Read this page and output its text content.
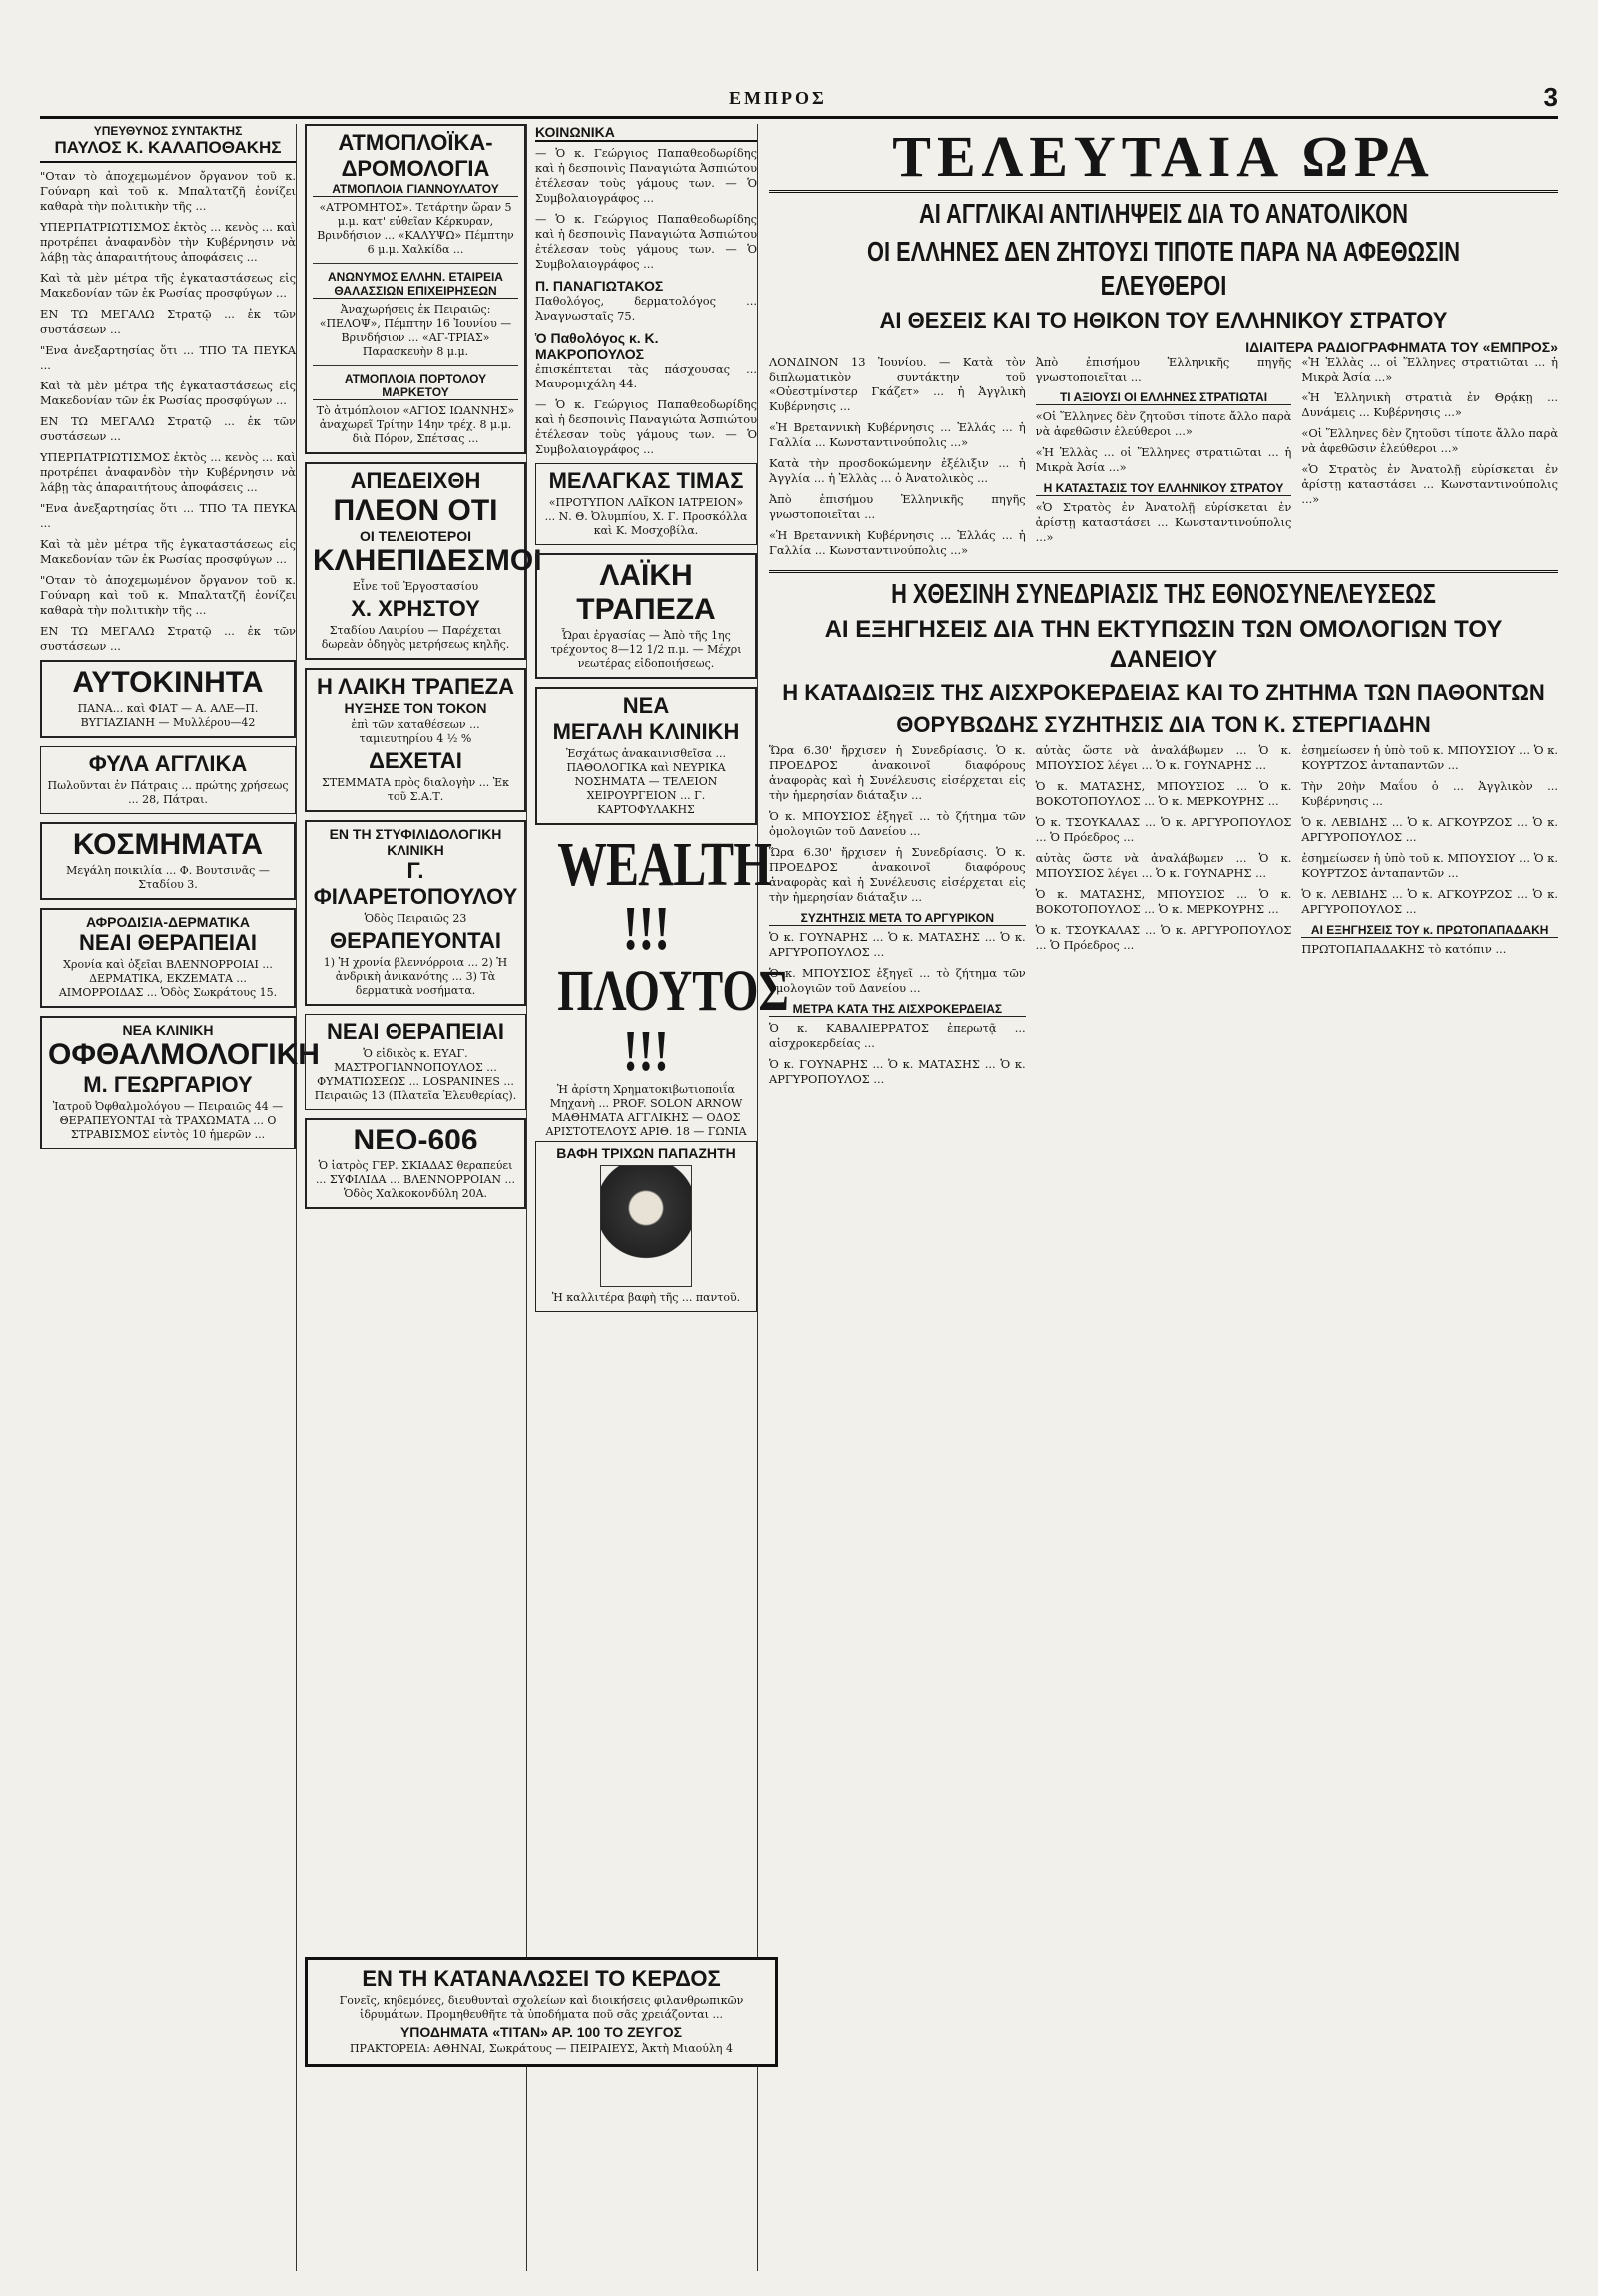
ΕΜΠΡΟΣ	3
ΥΠΕΥΘΥΝΟΣ ΣΥΝΤΑΚΤΗΣ
ΠΑΥΛΟΣ Κ. ΚΑΛΑΠΟΘΑΚΗΣ

"Οταν τὸ ἀποχεμωμένον ὄργανον τοῦ κ. Γούναρη καὶ τοῦ κ. Μπαλτατζῆ ἐονίζει καθαρὰ τὴν πολιτικὴν τῆς ...

ΥΠΕΡΠΑΤΡΙΩΤΙΣΜΟΣ ἐκτὸς ... κενὸς ... καὶ προτρέπει ἀναφανδὸν τὴν Κυβέρνησιν νὰ λάβῃ τὰς ἀπαραιτήτους ἀποφάσεις ...

Καὶ τὰ μὲν μέτρα τῆς ἐγκαταστάσεως εἰς Μακεδονίαν τῶν ἐκ Ρωσίας προσφύγων ...

ΕΝ ΤΩ ΜΕΓΑΛΩ Στρατῷ ... ἐκ τῶν συστάσεων ...

"Ενα ἀνεξαρτησίας ὅτι ... ΤΠΟ ΤΑ ΠΕΥΚΑ ...

Καὶ τὰ μὲν μέτρα τῆς ἐγκαταστάσεως εἰς Μακεδονίαν τῶν ἐκ Ρωσίας προσφύγων ...

ΕΝ ΤΩ ΜΕΓΑΛΩ Στρατῷ ... ἐκ τῶν συστάσεων ...

ΥΠΕΡΠΑΤΡΙΩΤΙΣΜΟΣ ἐκτὸς ... κενὸς ... καὶ προτρέπει ἀναφανδὸν τὴν Κυβέρνησιν νὰ λάβῃ τὰς ἀπαραιτήτους ἀποφάσεις ...

"Ενα ἀνεξαρτησίας ὅτι ... ΤΠΟ ΤΑ ΠΕΥΚΑ ...

Καὶ τὰ μὲν μέτρα τῆς ἐγκαταστάσεως εἰς Μακεδονίαν τῶν ἐκ Ρωσίας προσφύγων ...

"Οταν τὸ ἀποχεμωμένον ὄργανον τοῦ κ. Γούναρη καὶ τοῦ κ. Μπαλτατζῆ ἐονίζει καθαρὰ τὴν πολιτικὴν τῆς ...

ΕΝ ΤΩ ΜΕΓΑΛΩ Στρατῷ ... ἐκ τῶν συστάσεων ...

ΑΥΤΟΚΙΝΗΤΑ
ΠΑΝΑ... καὶ ΦΙΑΤ — Α. ΑΛΕ—Π. ΒΥΓΙΑΖΙΑΝΗ — Μυλλέρου—42
ΦΥΛΑ ΑΓΓΛΙΚΑ
Πωλοῦνται ἐν Πάτραις ... πρώτης χρήσεως ... 28, Πάτραι.
ΚΟΣΜΗΜΑΤΑ
Μεγάλη ποικιλία ... Φ. Βουτσινᾶς — Σταδίου 3.
ΑΦΡΟΔΙΣΙΑ-ΔΕΡΜΑΤΙΚΑ
ΝΕΑΙ ΘΕΡΑΠΕΙΑΙ
Χρονία καὶ ὀξεῖαι ΒΛΕΝΝΟΡΡΟΙΑΙ ... ΔΕΡΜΑΤΙΚΑ, ΕΚΖΕΜΑΤΑ ... ΑΙΜΟΡΡΟΙΔΑΣ ... Ὁδὸς Σωκράτους 15.
ΝΕΑ ΚΛΙΝΙΚΗ
ΟΦΘΑΛΜΟΛΟΓΙΚΗ
Μ. ΓΕΩΡΓΑΡΙΟΥ
Ἰατροῦ Ὀφθαλμολόγου — Πειραιῶς 44 — ΘΕΡΑΠΕΥΟΝΤΑΙ τὰ ΤΡΑΧΩΜΑΤΑ ... Ο ΣΤΡΑΒΙΣΜΟΣ εἰντὸς 10 ἡμερῶν ...
ΑΤΜΟΠΛΟΪΚΑ-ΔΡΟΜΟΛΟΓΙΑ
ΑΤΜΟΠΛΟΙΑ ΓΙΑΝΝΟΥΛΑΤΟΥ
«ΑΤΡΟΜΗΤΟΣ». Τετάρτην ὥραν 5 μ.μ. κατ' εὐθεῖαν Κέρκυραν, Βρινδήσιον ... «ΚΑΛΥΨΩ» Πέμπτην 6 μ.μ. Χαλκίδα ...
ΑΝΩΝΥΜΟΣ ΕΛΛΗΝ. ΕΤΑΙΡΕΙΑ ΘΑΛΑΣΣΙΩΝ ΕΠΙΧΕΙΡΗΣΕΩΝ
Ἀναχωρήσεις ἐκ Πειραιῶς: «ΠΕΛΟΨ», Πέμπτην 16 Ἰουνίου — Βρινδήσιον ... «ΑΓ-ΤΡΙΑΣ» Παρασκευὴν 8 μ.μ.
ΑΤΜΟΠΛΟΙΑ ΠΟΡΤΟΛΟΥ ΜΑΡΚΕΤΟΥ
Τὸ ἀτμόπλοιον «ΑΓΙΟΣ ΙΩΑΝΝΗΣ» ἀναχωρεῖ Τρίτην 14ην τρέχ. 8 μ.μ. διὰ Πόρον, Σπέτσας ...
ΑΠΕΔΕΙΧΘΗ
ΠΛΕΟΝ ΟΤΙ
ΟΙ ΤΕΛΕΙΟΤΕΡΟΙ
ΚΛΗΕΠΙΔΕΣΜΟΙ
Εἶνε τοῦ Ἐργοστασίου
Χ. ΧΡΗΣΤΟΥ
Σταδίου Λαυρίου — Παρέχεται δωρεὰν ὁδηγὸς μετρήσεως κηλῆς.
Η ΛΑΙΚΗ ΤΡΑΠΕΖΑ
ΗΥΞΗΣΕ ΤΟΝ ΤΟΚΟΝ
ἐπὶ τῶν καταθέσεων ... ταμιευτηρίου 4 ½ %
ΔΕΧΕΤΑΙ
ΣΤΕΜΜΑΤΑ πρὸς διαλογὴν ... Ἐκ τοῦ Σ.Α.Τ.
ΕΝ ΤΗ ΣΤΥΦΙΛΙΔΟΛΟΓΙΚΗ ΚΛΙΝΙΚΗ
Γ. ΦΙΛΑΡΕΤΟΠΟΥΛΟΥ
Ὁδὸς Πειραιῶς 23
ΘΕΡΑΠΕΥΟΝΤΑΙ
1) Ἡ χρονία βλεννόρροια ... 2) Ἡ ἀνδρικὴ ἀνικανότης ... 3) Τὰ δερματικὰ νοσήματα.
ΝΕΑΙ ΘΕΡΑΠΕΙΑΙ
Ὁ εἰδικὸς κ. ΕΥΑΓ. ΜΑΣΤΡΟΓΙΑΝΝΟΠΟΥΛΟΣ ... ΦΥΜΑΤΙΩΣΕΩΣ ... LOSPANINES ... Πειραιῶς 13 (Πλατεῖα Ἐλευθερίας).
ΝΕΟ-606
Ὁ ἰατρὸς ΓΕΡ. ΣΚΙΑΔΑΣ θεραπεύει ... ΣΥΦΙΛΙΔΑ ... ΒΛΕΝΝΟΡΡΟΙΑΝ ... Ὁδὸς Χαλκοκονδύλη 20Α.
ΚΟΙΝΩΝΙΚΑ

— Ὁ κ. Γεώργιος Παπαθεοδωρίδης καὶ ἡ δεσποινὶς Παναγιώτα Ἀσπιώτου ἐτέλεσαν τοὺς γάμους των. — Ὁ Συμβολαιογράφος ...

— Ὁ κ. Γεώργιος Παπαθεοδωρίδης καὶ ἡ δεσποινὶς Παναγιώτα Ἀσπιώτου ἐτέλεσαν τοὺς γάμους των. — Ὁ Συμβολαιογράφος ...

Π. ΠΑΝΑΓΙΩΤΑΚΟΣ

Παθολόγος, δερματολόγος ... Ἀναγνωσταῖς 75.

Ὁ Παθολόγος κ. Κ. ΜΑΚΡΟΠΟΥΛΟΣ

ἐπισκέπτεται τὰς πάσχουσας ... Μαυρομιχάλη 44.

— Ὁ κ. Γεώργιος Παπαθεοδωρίδης καὶ ἡ δεσποινὶς Παναγιώτα Ἀσπιώτου ἐτέλεσαν τοὺς γάμους των. — Ὁ Συμβολαιογράφος ...

ΜΕΛΑΓΚΑΣ ΤΙΜΑΣ
«ΠΡΟΤΥΠΟΝ ΛΑΪΚΟΝ ΙΑΤΡΕΙΟΝ» ... Ν. Θ. Ὀλυμπίου, Χ. Γ. Προσκόλλα καὶ Κ. Μοσχοβίλα.
ΛΑΪΚΗ ΤΡΑΠΕΖΑ
Ὧραι ἐργασίας — Ἀπὸ τῆς 1ης τρέχοντος 8—12 1/2 π.μ. — Μέχρι νεωτέρας εἰδοποιήσεως.
ΝΕΑ
ΜΕΓΑΛΗ ΚΛΙΝΙΚΗ
Ἐσχάτως ἀνακαινισθεῖσα ... ΠΑΘΟΛΟΓΙΚΑ καὶ ΝΕΥΡΙΚΑ ΝΟΣΗΜΑΤΑ — ΤΕΛΕΙΟΝ ΧΕΙΡΟΥΡΓΕΙΟΝ ... Γ. ΚΑΡΤΟΦΥΛΑΚΗΣ
WEALTH !!!
ΠΛΟΥΤΟΣ !!!
Ἡ ἀρίστη Χρηματοκιβωτιοποιΐα Μηχανὴ ... PROF. SOLON ARNOW ΜΑΘΗΜΑΤΑ ΑΓΓΛΙΚΗΣ — ΟΔΟΣ ΑΡΙΣΤΟΤΕΛΟΥΣ ΑΡΙΘ. 18 — ΓΩΝΙΑ
ΒΑΦΗ ΤΡΙΧΩΝ ΠΑΠΑΖΗΤΗ
Ἡ καλλιτέρα βαφὴ τῆς ... παντοῦ.
ΕΝ ΤΗ ΚΑΤΑΝΑΛΩΣΕΙ ΤΟ ΚΕΡΔΟΣ
Γονεῖς, κηδεμόνες, διευθυνταὶ σχολείων καὶ διοικήσεις φιλανθρωπικῶν ἱδρυμάτων. Προμηθευθῆτε τὰ ὑποδήματα ποῦ σᾶς χρειάζονται ...
ΥΠΟΔΗΜΑΤΑ «ΤΙΤΑΝ» ΑΡ. 100 ΤΟ ΖΕΥΓΟΣ
ΠΡΑΚΤΟΡΕΙΑ: ΑΘΗΝΑΙ, Σωκράτους — ΠΕΙΡΑΙΕΥΣ, Ἀκτὴ Μιαούλη 4
ΤΕΛΕΥΤΑΙΑ ΩΡΑ
ΑΙ ΑΓΓΛΙΚΑΙ ΑΝΤΙΛΗΨΕΙΣ ΔΙΑ ΤΟ ΑΝΑΤΟΛΙΚΟΝ
ΟΙ ΕΛΛΗΝΕΣ ΔΕΝ ΖΗΤΟΥΣΙ ΤΙΠΟΤΕ ΠΑΡΑ ΝΑ ΑΦΕΘΩΣΙΝ ΕΛΕΥΘΕΡΟΙ
ΑΙ ΘΕΣΕΙΣ ΚΑΙ ΤΟ ΗΘΙΚΟΝ ΤΟΥ ΕΛΛΗΝΙΚΟΥ ΣΤΡΑΤΟΥ
ΙΔΙΑΙΤΕΡΑ ΡΑΔΙΟΓΡΑΦΗΜΑΤΑ ΤΟΥ «ΕΜΠΡΟΣ»

ΛΟΝΔΙΝΟΝ 13 Ἰουνίου. — Κατὰ τὸν διπλωματικὸν συντάκτην τοῦ «Οὐεστμίνστερ Γκάζετ» ... ἡ Ἀγγλικὴ Κυβέρνησις ...

«Ἡ Βρεταννικὴ Κυβέρνησις ... Ἑλλάς ... ἡ Γαλλία ... Κωνσταντινούπολις ...»

Κατὰ τὴν προσδοκώμενην ἐξέλιξιν ... ἡ Ἀγγλία ... ἡ Ἑλλὰς ... ὁ Ἀνατολικὸς ...

Ἀπὸ ἐπισήμου Ἑλληνικῆς πηγῆς γνωστοποιεῖται ...

«Ἡ Βρεταννικὴ Κυβέρνησις ... Ἑλλάς ... ἡ Γαλλία ... Κωνσταντινούπολις ...»

Ἀπὸ ἐπισήμου Ἑλληνικῆς πηγῆς γνωστοποιεῖται ...

ΤΙ ΑΞΙΟΥΣΙ ΟΙ ΕΛΛΗΝΕΣ ΣΤΡΑΤΙΩΤΑΙ

«Οἱ Ἕλληνες δὲν ζητοῦσι τίποτε ἄλλο παρὰ νὰ ἀφεθῶσιν ἐλεύθεροι ...»

«Ἡ Ἑλλὰς ... οἱ Ἕλληνες στρατιῶται ... ἡ Μικρὰ Ἀσία ...»

Η ΚΑΤΑΣΤΑΣΙΣ ΤΟΥ ΕΛΛΗΝΙΚΟΥ ΣΤΡΑΤΟΥ

«Ὁ Στρατὸς ἐν Ἀνατολῇ εὑρίσκεται ἐν ἀρίστῃ καταστάσει ... Κωνσταντινούπολις ...»

«Ἡ Ἑλλὰς ... οἱ Ἕλληνες στρατιῶται ... ἡ Μικρὰ Ἀσία ...»

«Ἡ Ἑλληνικὴ στρατιὰ ἐν Θρᾴκῃ ... Δυνάμεις ... Κυβέρνησις ...»

«Οἱ Ἕλληνες δὲν ζητοῦσι τίποτε ἄλλο παρὰ νὰ ἀφεθῶσιν ἐλεύθεροι ...»

«Ὁ Στρατὸς ἐν Ἀνατολῇ εὑρίσκεται ἐν ἀρίστῃ καταστάσει ... Κωνσταντινούπολις ...»

Η ΧΘΕΣΙΝΗ ΣΥΝΕΔΡΙΑΣΙΣ ΤΗΣ ΕΘΝΟΣΥΝΕΛΕΥΣΕΩΣ
ΑΙ ΕΞΗΓΗΣΕΙΣ ΔΙΑ ΤΗΝ ΕΚΤΥΠΩΣΙΝ ΤΩΝ ΟΜΟΛΟΓΙΩΝ ΤΟΥ ΔΑΝΕΙΟΥ
Η ΚΑΤΑΔΙΩΞΙΣ ΤΗΣ ΑΙΣΧΡΟΚΕΡΔΕΙΑΣ ΚΑΙ ΤΟ ΖΗΤΗΜΑ ΤΩΝ ΠΑΘΟΝΤΩΝ
ΘΟΡΥΒΩΔΗΣ ΣΥΖΗΤΗΣΙΣ ΔΙΑ ΤΟΝ Κ. ΣΤΕΡΓΙΑΔΗΝ

Ὥρα 6.30' ἤρχισεν ἡ Συνεδρίασις. Ὁ κ. ΠΡΟΕΔΡΟΣ ἀνακοινοῖ διαφόρους ἀναφορὰς καὶ ἡ Συνέλευσις εἰσέρχεται εἰς τὴν ἡμερησίαν διάταξιν ...

Ὁ κ. ΜΠΟΥΣΙΟΣ ἐξηγεῖ ... τὸ ζήτημα τῶν ὁμολογιῶν τοῦ Δανείου ...

Ὥρα 6.30' ἤρχισεν ἡ Συνεδρίασις. Ὁ κ. ΠΡΟΕΔΡΟΣ ἀνακοινοῖ διαφόρους ἀναφορὰς καὶ ἡ Συνέλευσις εἰσέρχεται εἰς τὴν ἡμερησίαν διάταξιν ...

ΣΥΖΗΤΗΣΙΣ ΜΕΤΑ ΤΟ ΑΡΓΥΡΙΚΟΝ

Ὁ κ. ΓΟΥΝΑΡΗΣ ... Ὁ κ. ΜΑΤΑΣΗΣ ... Ὁ κ. ΑΡΓΥΡΟΠΟΥΛΟΣ ...

Ὁ κ. ΜΠΟΥΣΙΟΣ ἐξηγεῖ ... τὸ ζήτημα τῶν ὁμολογιῶν τοῦ Δανείου ...

ΜΕΤΡΑ ΚΑΤΑ ΤΗΣ ΑΙΣΧΡΟΚΕΡΔΕΙΑΣ

Ὁ κ. ΚΑΒΑΛΙΕΡΡΑΤΟΣ ἐπερωτᾷ ... αἰσχροκερδείας ...

Ὁ κ. ΓΟΥΝΑΡΗΣ ... Ὁ κ. ΜΑΤΑΣΗΣ ... Ὁ κ. ΑΡΓΥΡΟΠΟΥΛΟΣ ...

αὐτὰς ὥστε νὰ ἀναλάβωμεν ... Ὁ κ. ΜΠΟΥΣΙΟΣ λέγει ... Ὁ κ. ΓΟΥΝΑΡΗΣ ...

Ὁ κ. ΜΑΤΑΣΗΣ, ΜΠΟΥΣΙΟΣ ... Ὁ κ. ΒΟΚΟΤΟΠΟΥΛΟΣ ... Ὁ κ. ΜΕΡΚΟΥΡΗΣ ...

Ὁ κ. ΤΣΟΥΚΑΛΑΣ ... Ὁ κ. ΑΡΓΥΡΟΠΟΥΛΟΣ ... Ὁ Πρόεδρος ...

αὐτὰς ὥστε νὰ ἀναλάβωμεν ... Ὁ κ. ΜΠΟΥΣΙΟΣ λέγει ... Ὁ κ. ΓΟΥΝΑΡΗΣ ...

Ὁ κ. ΜΑΤΑΣΗΣ, ΜΠΟΥΣΙΟΣ ... Ὁ κ. ΒΟΚΟΤΟΠΟΥΛΟΣ ... Ὁ κ. ΜΕΡΚΟΥΡΗΣ ...

Ὁ κ. ΤΣΟΥΚΑΛΑΣ ... Ὁ κ. ΑΡΓΥΡΟΠΟΥΛΟΣ ... Ὁ Πρόεδρος ...

ἐσημείωσεν ἡ ὑπὸ τοῦ κ. ΜΠΟΥΣΙΟΥ ... Ὁ κ. ΚΟΥΡΤΖΟΣ ἀνταπαντῶν ...

Τὴν 20ὴν Μαΐου ὁ ... Ἀγγλικὸν ... Κυβέρνησις ...

Ὁ κ. ΛΕΒΙΔΗΣ ... Ὁ κ. ΑΓΚΟΥΡΖΟΣ ... Ὁ κ. ΑΡΓΥΡΟΠΟΥΛΟΣ ...

ἐσημείωσεν ἡ ὑπὸ τοῦ κ. ΜΠΟΥΣΙΟΥ ... Ὁ κ. ΚΟΥΡΤΖΟΣ ἀνταπαντῶν ...

Ὁ κ. ΛΕΒΙΔΗΣ ... Ὁ κ. ΑΓΚΟΥΡΖΟΣ ... Ὁ κ. ΑΡΓΥΡΟΠΟΥΛΟΣ ...

ΑΙ ΕΞΗΓΗΣΕΙΣ ΤΟΥ κ. ΠΡΩΤΟΠΑΠΑΔΑΚΗ

ΠΡΩΤΟΠΑΠΑΔΑΚΗΣ τὸ κατόπιν ...
